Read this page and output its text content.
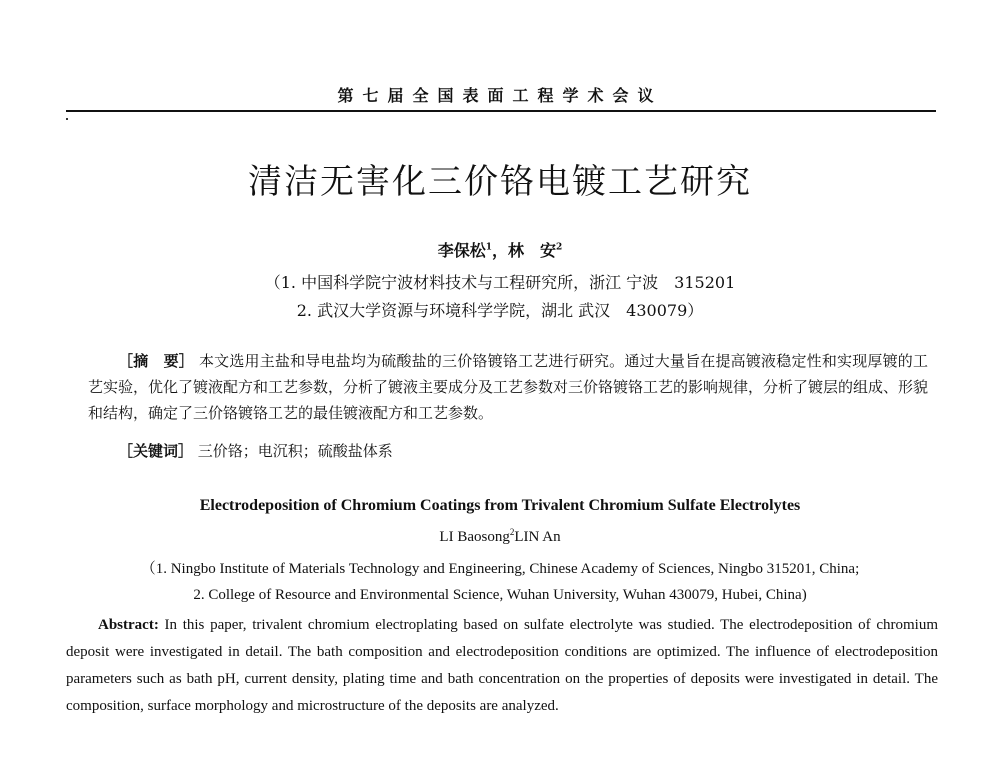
第七届全国表面工程学术会议
清洁无害化三价铬电镀工艺研究
李保松$^1$，林　安$^2$
（1. 中国科学院宁波材料技术与工程研究所，浙江 宁波　315201
2. 武汉大学资源与环境科学学院，湖北 武汉　430079）
［摘　要］ 本文选用主盐和导电盐均为硫酸盐的三价铬镀铬工艺进行研究。通过大量旨在提高镀液稳定性和实现厚镀的工艺实验，优化了镀液配方和工艺参数，分析了镀液主要成分及工艺参数对三价铬镀铬工艺的影响规律，分析了镀层的组成、形貌和结构，确定了三价铬镀铬工艺的最佳镀液配方和工艺参数。
［关键词］ 三价铬；电沉积；硫酸盐体系
Electrodeposition of Chromium Coatings from Trivalent Chromium Sulfate Electrolytes
LI Baosong$^2$LIN An
（1. Ningbo Institute of Materials Technology and Engineering, Chinese Academy of Sciences, Ningbo 315201, China;
2. College of Resource and Environmental Science, Wuhan University, Wuhan 430079, Hubei, China)
Abstract: In this paper, trivalent chromium electroplating based on sulfate electrolyte was studied. The electrodeposition of chromium deposit were investigated in detail. The bath composition and electrodeposition conditions are optimized. The influence of electrodeposition parameters such as bath pH, current density, plating time and bath concentration on the properties of deposits were investigated in detail. The composition, surface morphology and microstructure of the deposits are analyzed.
